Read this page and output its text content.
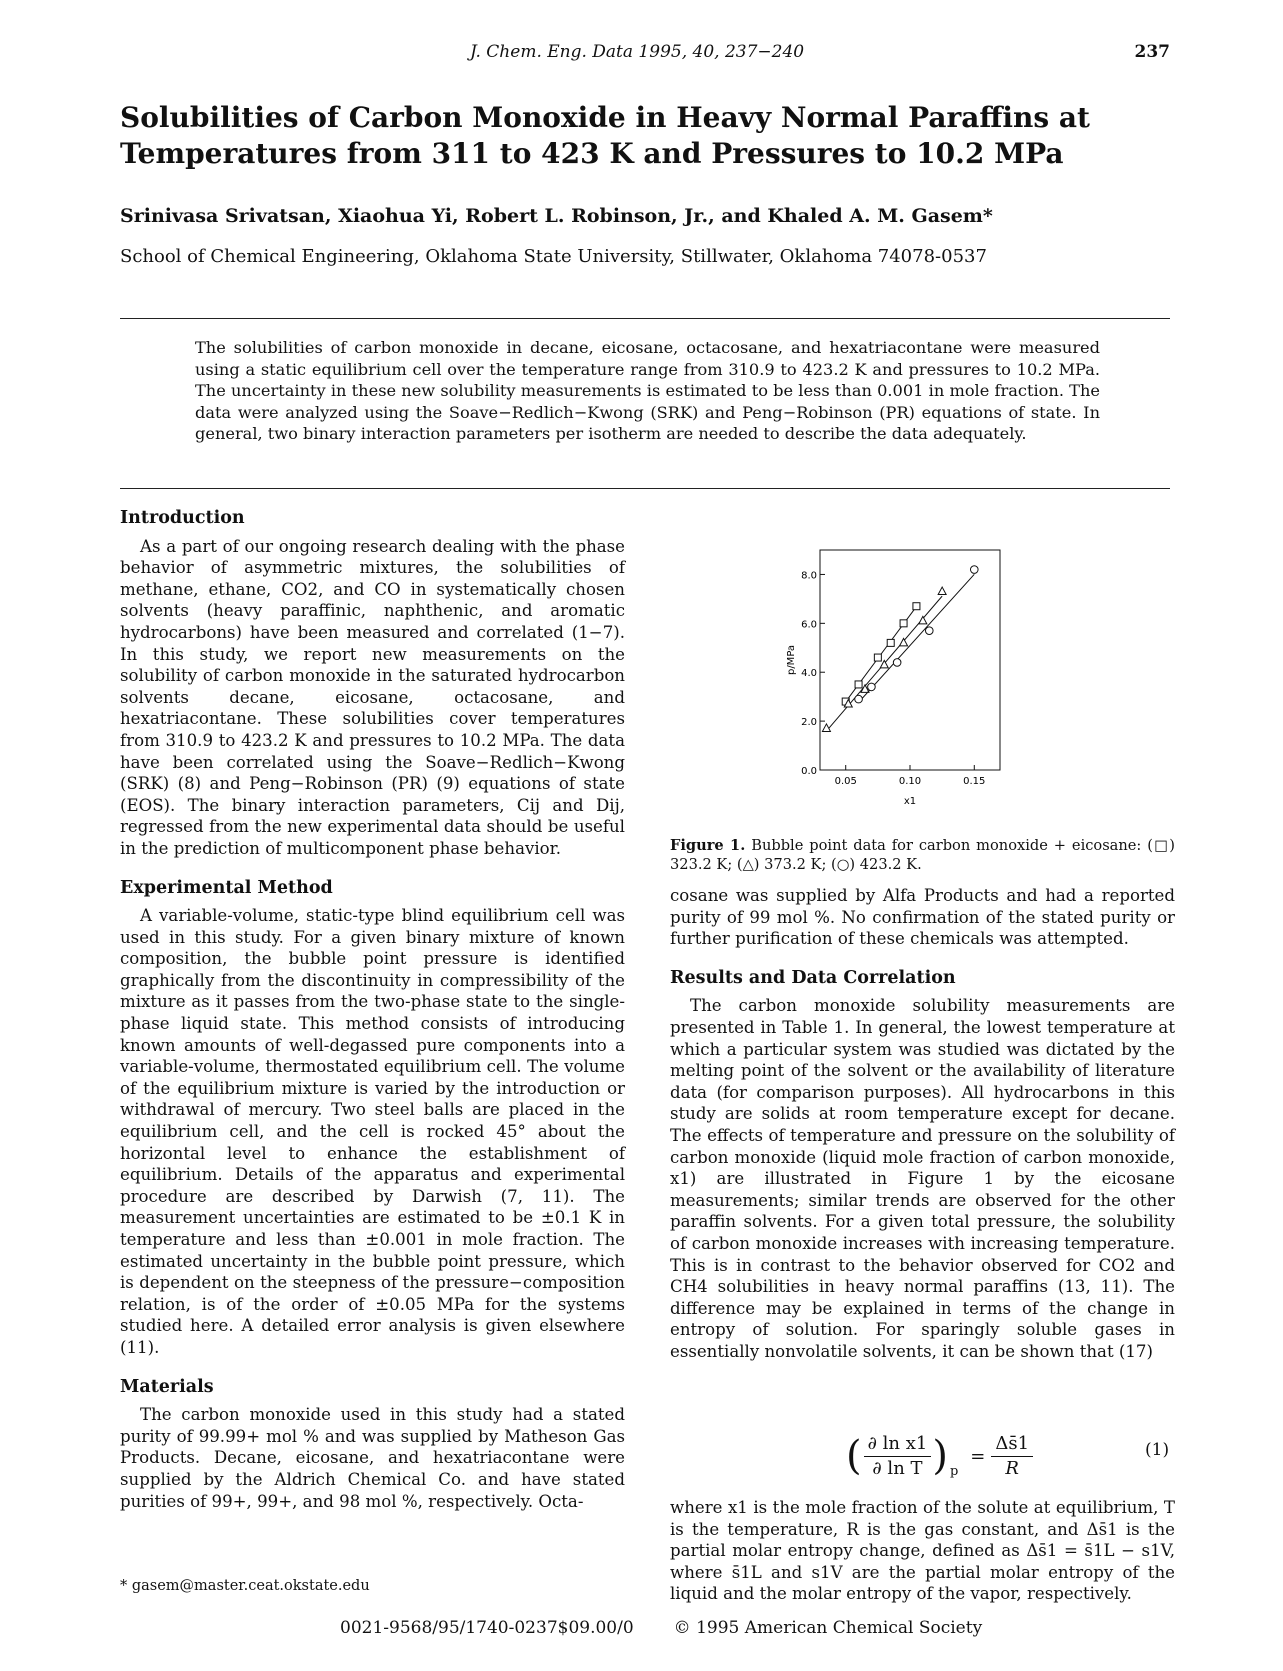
J. Chem. Eng. Data 1995, 40, 237−240	237
Solubilities of Carbon Monoxide in Heavy Normal Paraffins at
Temperatures from 311 to 423 K and Pressures to 10.2 MPa
Srinivasa Srivatsan, Xiaohua Yi, Robert L. Robinson, Jr., and Khaled A. M. Gasem*
School of Chemical Engineering, Oklahoma State University, Stillwater, Oklahoma 74078-0537
The solubilities of carbon monoxide in decane, eicosane, octacosane, and hexatriacontane were measured using a static equilibrium cell over the temperature range from 310.9 to 423.2 K and pressures to 10.2 MPa. The uncertainty in these new solubility measurements is estimated to be less than 0.001 in mole fraction. The data were analyzed using the Soave−Redlich−Kwong (SRK) and Peng−Robinson (PR) equations of state. In general, two binary interaction parameters per isotherm are needed to describe the data adequately.
Introduction

As a part of our ongoing research dealing with the phase behavior of asymmetric mixtures, the solubilities of methane, ethane, CO2, and CO in systematically chosen solvents (heavy paraffinic, naphthenic, and aromatic hydrocarbons) have been measured and correlated (1−7). In this study, we report new measurements on the solubility of carbon monoxide in the saturated hydrocarbon solvents decane, eicosane, octacosane, and hexatriacontane. These solubilities cover temperatures from 310.9 to 423.2 K and pressures to 10.2 MPa. The data have been correlated using the Soave−Redlich−Kwong (SRK) (8) and Peng−Robinson (PR) (9) equations of state (EOS). The binary interaction parameters, Cij and Dij, regressed from the new experimental data should be useful in the prediction of multicomponent phase behavior.

Experimental Method

A variable-volume, static-type blind equilibrium cell was used in this study. For a given binary mixture of known composition, the bubble point pressure is identified graphically from the discontinuity in compressibility of the mixture as it passes from the two-phase state to the single-phase liquid state. This method consists of introducing known amounts of well-degassed pure components into a variable-volume, thermostated equilibrium cell. The volume of the equilibrium mixture is varied by the introduction or withdrawal of mercury. Two steel balls are placed in the equilibrium cell, and the cell is rocked 45° about the horizontal level to enhance the establishment of equilibrium. Details of the apparatus and experimental procedure are described by Darwish (7, 11). The measurement uncertainties are estimated to be ±0.1 K in temperature and less than ±0.001 in mole fraction. The estimated uncertainty in the bubble point pressure, which is dependent on the steepness of the pressure−composition relation, is of the order of ±0.05 MPa for the systems studied here. A detailed error analysis is given elsewhere (11).

Materials

The carbon monoxide used in this study had a stated purity of 99.99+ mol % and was supplied by Matheson Gas Products. Decane, eicosane, and hexatriacontane were supplied by the Aldrich Chemical Co. and have stated purities of 99+, 99+, and 98 mol %, respectively. Octa-

* gasem@master.ceat.okstate.edu
0.0
2.0
4.0
6.0
8.0
0.05	0.10	0.15
x1
p/MPa
Figure 1. Bubble point data for carbon monoxide + eicosane: (□) 323.2 K; (△) 373.2 K; (○) 423.2 K.

cosane was supplied by Alfa Products and had a reported purity of 99 mol %. No confirmation of the stated purity or further purification of these chemicals was attempted.

Results and Data Correlation

The carbon monoxide solubility measurements are presented in Table 1. In general, the lowest temperature at which a particular system was studied was dictated by the melting point of the solvent or the availability of literature data (for comparison purposes). All hydrocarbons in this study are solids at room temperature except for decane. The effects of temperature and pressure on the solubility of carbon monoxide (liquid mole fraction of carbon monoxide, x1) are illustrated in Figure 1 by the eicosane measurements; similar trends are observed for the other paraffin solvents. For a given total pressure, the solubility of carbon monoxide increases with increasing temperature. This is in contrast to the behavior observed for CO2 and CH4 solubilities in heavy normal paraffins (13, 11). The difference may be explained in terms of the change in entropy of solution. For sparingly soluble gases in essentially nonvolatile solvents, it can be shown that (17)

(	∂ ln x1	)	p	=	Δs̄1
	∂ ln T				R
(1)

where x1 is the mole fraction of the solute at equilibrium, T is the temperature, R is the gas constant, and Δs̄1 is the partial molar entropy change, defined as Δs̄1 = s̄1L − s1V, where s̄1L and s1V are the partial molar entropy of the liquid and the molar entropy of the vapor, respectively.

0021-9568/95/1740-0237$09.00/0 © 1995 American Chemical Society
